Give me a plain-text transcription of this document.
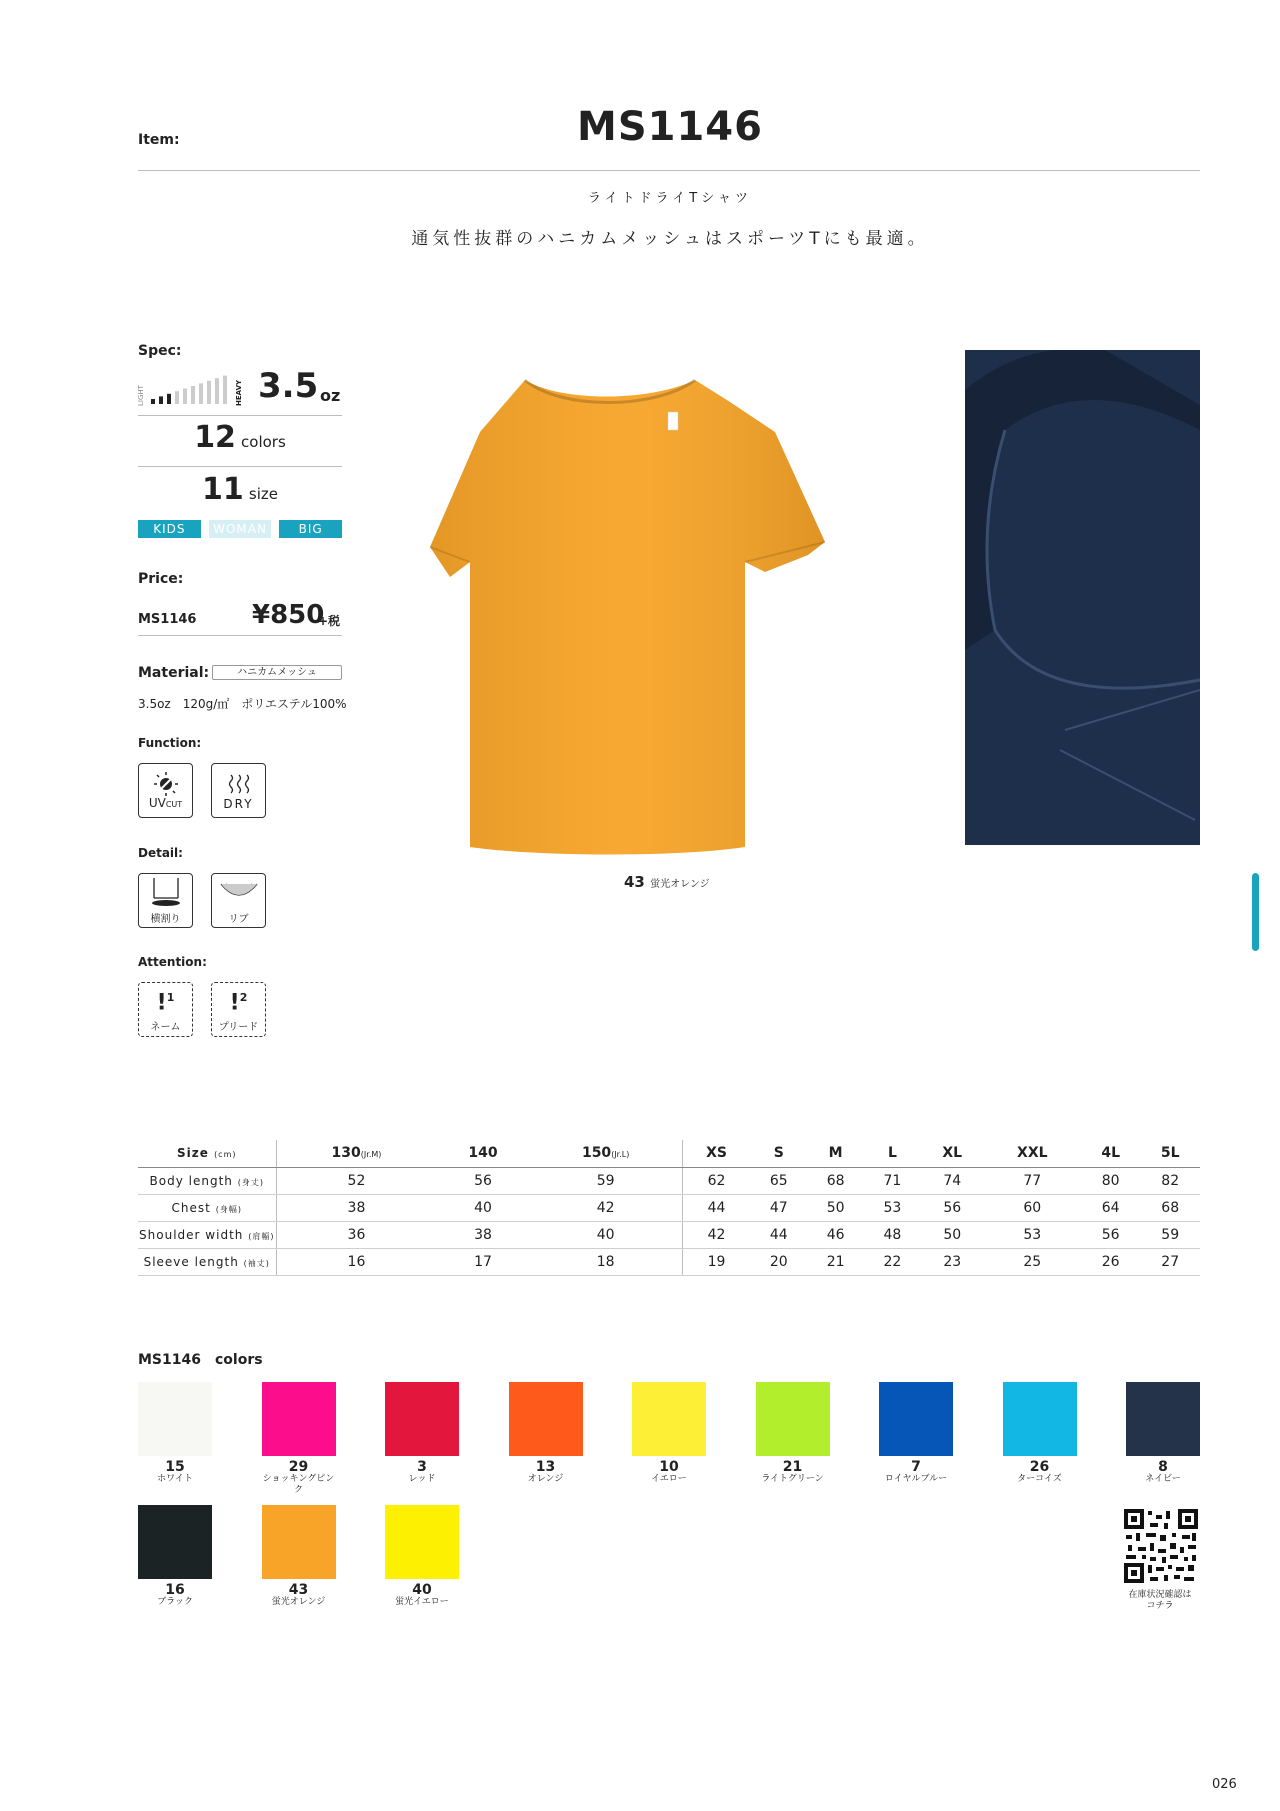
Item:	MS1146
ライトドライTシャツ
通気性抜群のハニカムメッシュはスポーツTにも最適。
Spec:
LIGHT	HEAVY 3.5 oz
12 colors
11 size
KIDS WOMAN	BIG
Price:
MS1146 ¥850
+税
Material:	ハニカムメッシュ
3.5oz　120g/㎡　ポリエステル100%
Function:
UVCUT	DRY
Detail:
横割り	リブ
Attention:
!$^1$
ネーム
!$^2$
プリード
43 蛍光オレンジ
Size (cm)	130(Jr.M)	140	150(Jr.L)	XS	S	M	L	XL	XXL	4L	5L
Body length (身丈)	52	56	59	62	65	68	71	74	77	80	82
Chest (身幅)	38	40	42	44	47	50	53	56	60	64	68
Shoulder width (肩幅)	36	38	40	42	44	46	48	50	53	56	59
Sleeve length (袖丈)	16	17	18	19	20	21	22	23	25	26	27
MS1146　colors
15
ホワイト
29
ショッキングピンク
3
レッド
13
オレンジ
10
イエロー
21
ライトグリーン
7
ロイヤルブルー
26
ターコイズ
8
ネイビー
16
ブラック
43
蛍光オレンジ
40
蛍光イエロー
在庫状況確認は
コチラ
026
